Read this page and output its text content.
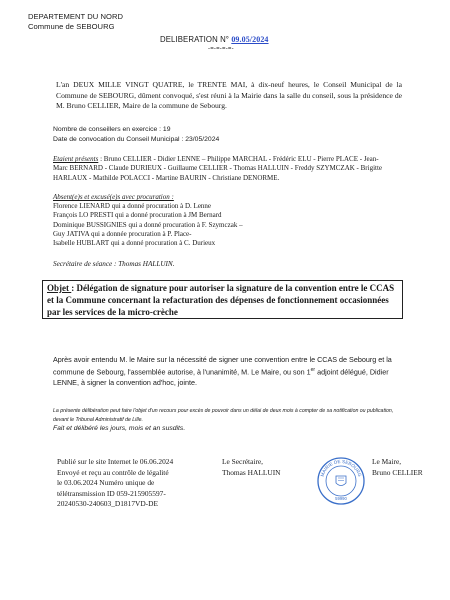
DEPARTEMENT DU NORD
Commune de SEBOURG
DELIBERATION N° 09.05/2024
-=-=-=-=-
L'an DEUX MILLE VINGT QUATRE, le TRENTE MAI, à dix-neuf heures, le Conseil Municipal de la Commune de SEBOURG, dûment convoqué, s'est réuni à la Mairie dans la salle du conseil, sous la présidence de M. Bruno CELLIER, Maire de la commune de Sebourg.
Nombre de conseillers en exercice : 19
Date de convocation du Conseil Municipal : 23/05/2024
Etaient présents : Bruno CELLIER - Didier LENNE – Philippe MARCHAL - Frédéric ELU - Pierre PLACE - Jean-Marc BERNARD - Claude DURIEUX - Guillaume CELLIER - Thomas HALLUIN - Freddy SZYMCZAK - Brigitte HARLAUX - Mathilde POLACCI - Martine BAURIN - Christiane DENORME.
Absent(e)s et excusé(e)s avec procuration :
Florence LIENARD qui a donné procuration à D. Lenne
François LO PRESTI qui a donné procuration à JM Bernard
Dominique BUSSIGNIES qui a donné procuration à F. Szymczak –
Guy JATIVA qui a donnée procuration à P. Place-
Isabelle HUBLART qui a donné procuration à C. Durieux
Secrétaire de séance : Thomas HALLUIN.
Objet : Délégation de signature pour autoriser la signature de la convention entre le CCAS et la Commune concernant la refacturation des dépenses de fonctionnement occasionnées par les services de la micro-crèche
Après avoir entendu M. le Maire sur la nécessité de signer une convention entre le CCAS de Sebourg et la commune de Sebourg, l'assemblée autorise, à l'unanimité, M. Le Maire, ou son 1er adjoint délégué, Didier LENNE, à signer la convention ad'hoc, jointe.
La présente délibération peut faire l'objet d'un recours pour excès de pouvoir dans un délai de deux mois à compter de sa notification ou publication, devant le Tribunal Administratif de Lille.
Fait et délibéré les jours, mois et an susdits.
Publié sur le site Internet le 06.06.2024
Envoyé et reçu au contrôle de légalité
le 03.06.2024 Numéro unique de
télétransmission ID 059-215905597-
20240530-240603_D1817VD-DE
Le Secrétaire,
Thomas HALLUIN
Le Maire,
Bruno CELLIER
MAIRIE DE SEBOURG
59990
